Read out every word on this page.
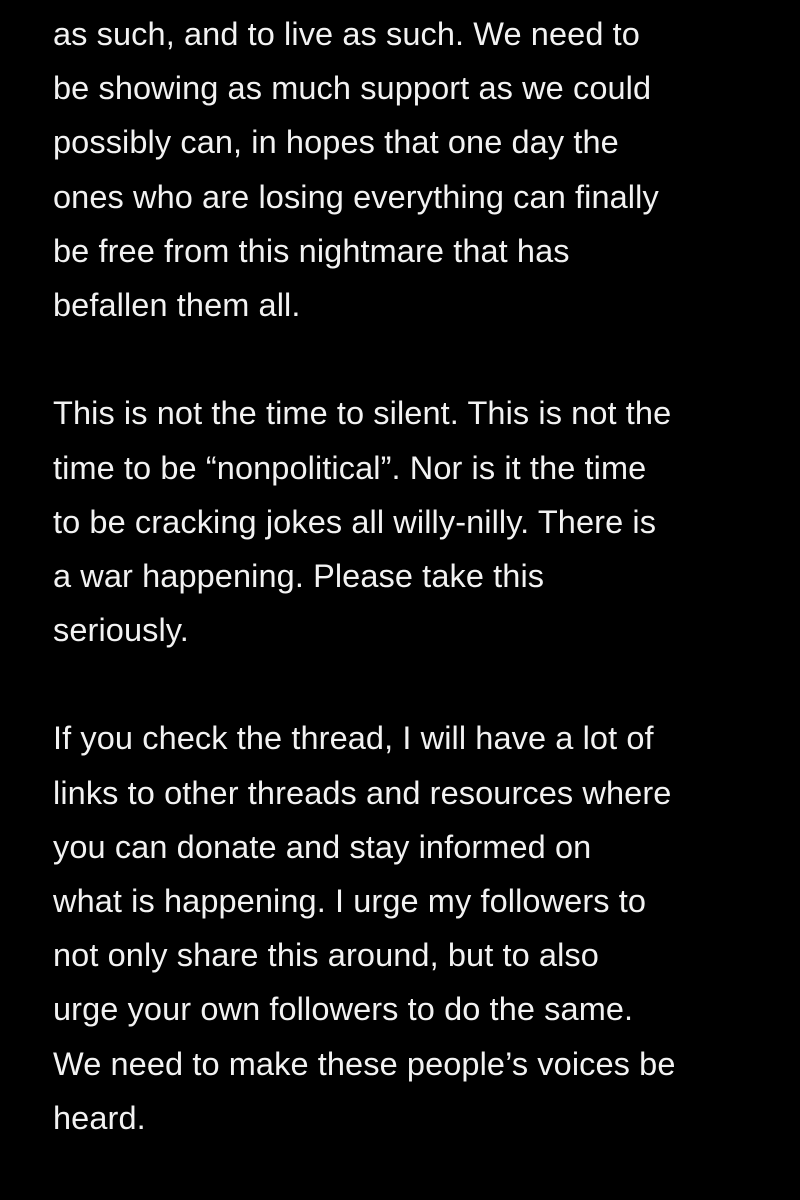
as such, and to live as such. We need to
be showing as much support as we could
possibly can, in hopes that one day the
ones who are losing everything can finally
be free from this nightmare that has
befallen them all.
This is not the time to silent. This is not the
time to be “nonpolitical”. Nor is it the time
to be cracking jokes all willy-nilly. There is
a war happening. Please take this
seriously.
If you check the thread, I will have a lot of
links to other threads and resources where
you can donate and stay informed on
what is happening. I urge my followers to
not only share this around, but to also
urge your own followers to do the same.
We need to make these people’s voices be
heard.
